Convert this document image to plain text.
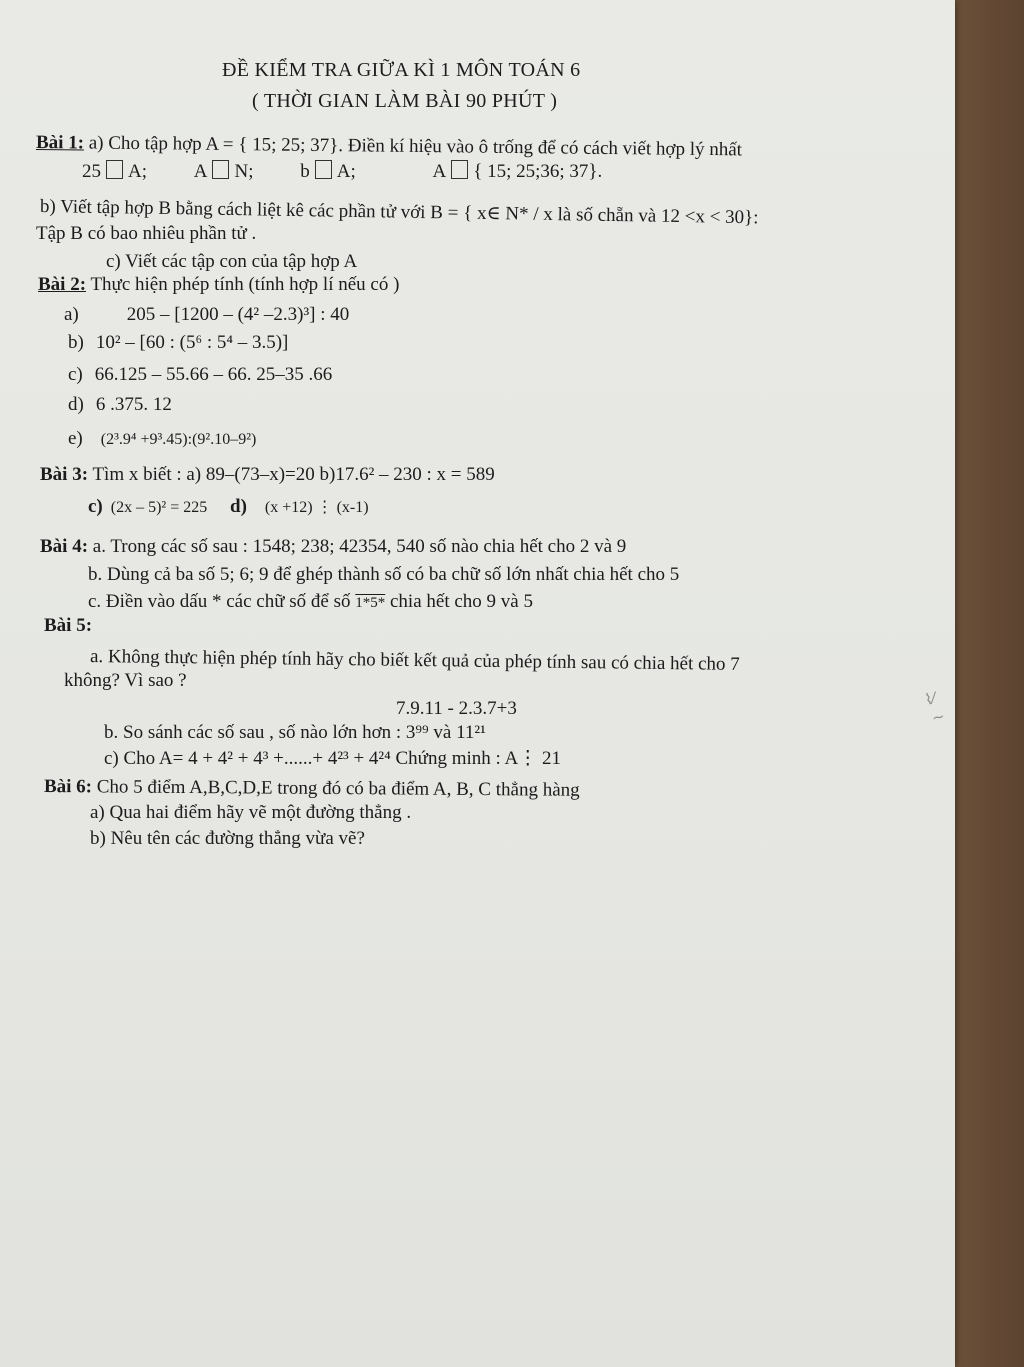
ĐỀ KIỂM TRA GIỮA KÌ 1 MÔN TOÁN 6
( THỜI GIAN LÀM BÀI 90 PHÚT )
Bài 1: a) Cho tập hợp A = { 15; 25; 37}. Điền kí hiệu vào ô trống để có cách viết hợp lý nhất
25 A; A N; b A;	A { 15; 25;36; 37}.
b) Viết tập hợp B bằng cách liệt kê các phần tử với B = { x∈ N* / x là số chẵn và 12 <x < 30}:
Tập B có bao nhiêu phần tử .
c) Viết các tập con của tập hợp A
Bài 2: Thực hiện phép tính (tính hợp lí nếu có )
a)	205 – [1200 – (4² –2.3)³] : 40
b) 10² – [60 : (5⁶ : 5⁴ – 3.5)]
c) 66.125 – 55.66 – 66. 25–35 .66
d) 6 .375. 12
e) (2³.9⁴ +9³.45):(9².10–9²)
Bài 3: Tìm x biết : a) 89–(73–x)=20 b)17.6² – 230 : x = 589
c) (2x – 5)² = 225 d) (x +12) ⋮ (x-1)
Bài 4: a. Trong các số sau : 1548; 238; 42354, 540 số nào chia hết cho 2 và 9
b. Dùng cả ba số 5; 6; 9 để ghép thành số có ba chữ số lớn nhất chia hết cho 5
c. Điền vào dấu * các chữ số để số 1*5* chia hết cho 9 và 5
Bài 5:
a. Không thực hiện phép tính hãy cho biết kết quả của phép tính sau có chia hết cho 7
không? Vì sao ?
7.9.11 - 2.3.7+3
b. So sánh các số sau , số nào lớn hơn : 3⁹⁹ và 11²¹
c) Cho A= 4 + 4² + 4³ +......+ 4²³ + 4²⁴ Chứng minh : A⋮ 21
Bài 6: Cho 5 điểm A,B,C,D,E trong đó có ba điểm A, B, C thẳng hàng
a) Qua hai điểm hãy vẽ một đường thẳng .
b) Nêu tên các đường thẳng vừa vẽ?
⌇⁄
~
